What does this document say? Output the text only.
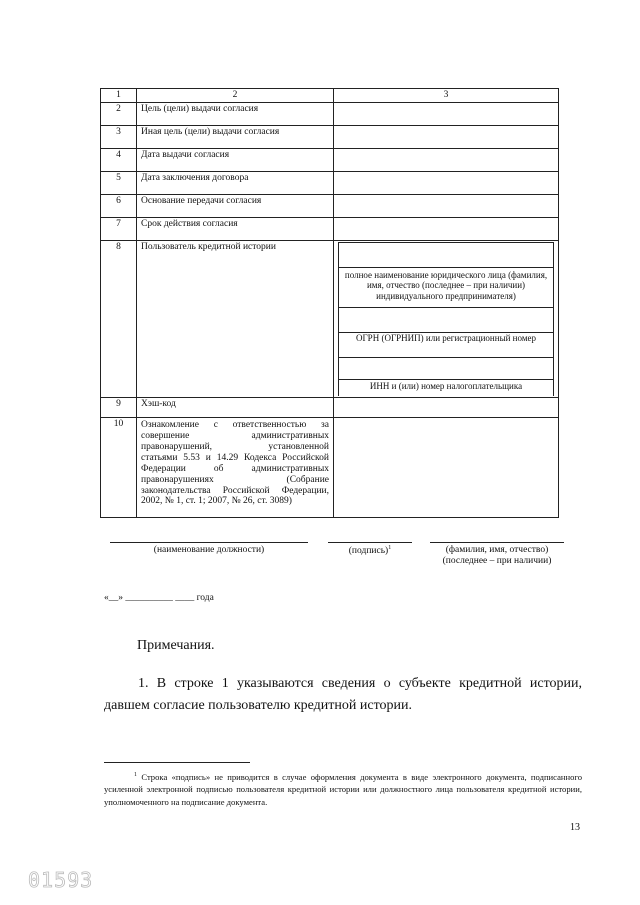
1	2	3
2	Цель (цели) выдачи согласия	
3	Иная цель (цели) выдачи согласия	
4	Дата выдачи согласия	
5	Дата заключения договора	
6	Основание передачи согласия	
7	Срок действия согласия	
8	Пользователь кредитной истории	

полное наименование юридического лица (фамилия, имя, отчество (последнее – при наличии) индивидуального предпринимателя)

ОГРН (ОГРНИП) или регистрационный номер

ИНН и (или) номер налогоплательщика

9	Хэш-код	
10	Ознакомление с ответственностью за
совершение административных
правонарушений, установленной
статьями 5.53 и 14.29 Кодекса Российской
Федерации об административных
правонарушениях (Собрание
законодательства Российской Федерации,
2002, № 1, ст. 1; 2007, № 26, ст. 3089)

(наименование должности)	(подпись)$^1$	(фамилия, имя, отчество)
(последнее – при наличии)
«__» __________ ____ года
Примечания.
1. В строке 1 указываются сведения о субъекте кредитной истории, давшем согласие пользователю кредитной истории.
$^1$ Строка «подпись» не приводится в случае оформления документа в виде электронного документа, подписанного усиленной электронной подписью пользователя кредитной истории или должностного лица пользователя кредитной истории, уполномоченного на подписание документа.
13
01593
